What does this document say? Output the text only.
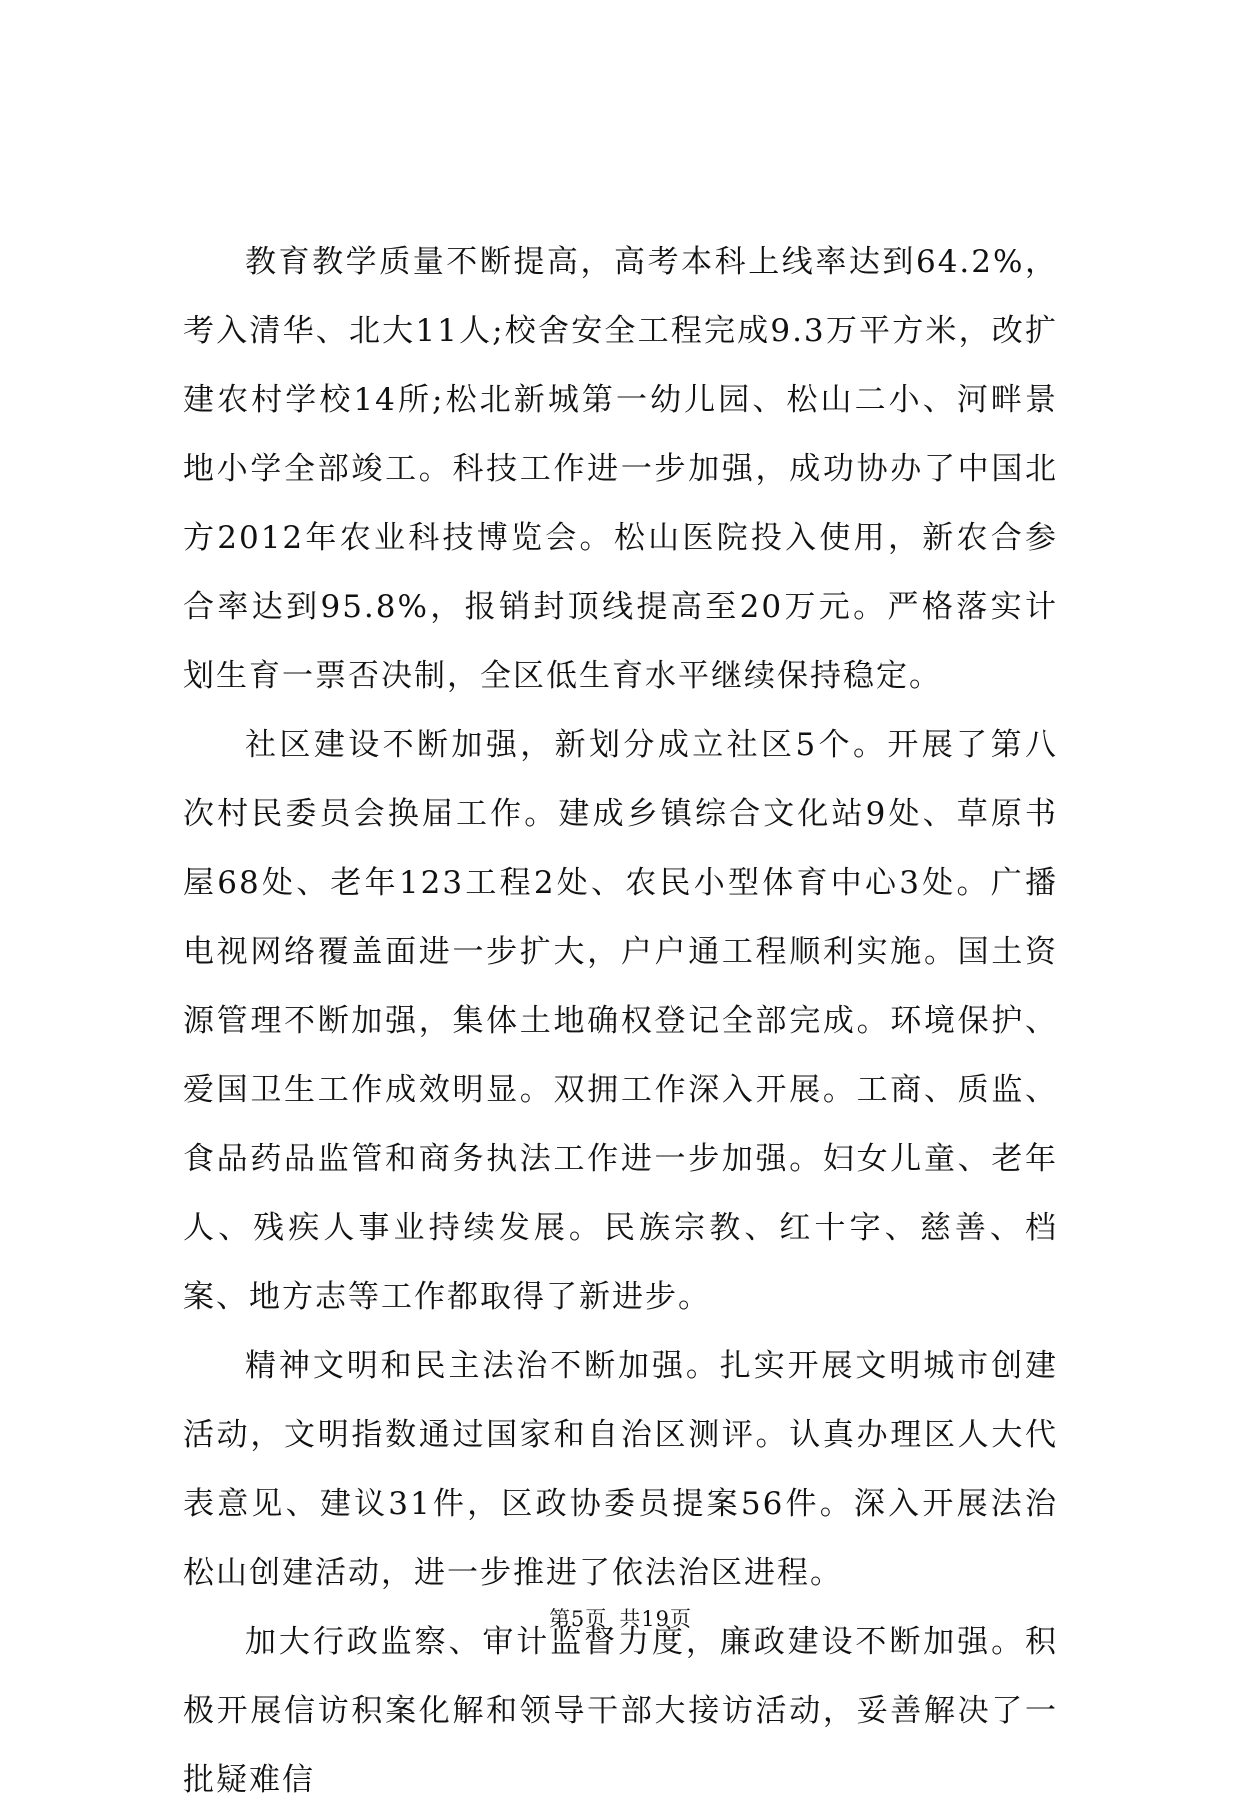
教育教学质量不断提高，高考本科上线率达到64.2%，考入清华、北大11人;校舍安全工程完成9.3万平方米，改扩建农村学校14所;松北新城第一幼儿园、松山二小、河畔景地小学全部竣工。科技工作进一步加强，成功协办了中国北方2012年农业科技博览会。松山医院投入使用，新农合参合率达到95.8%，报销封顶线提高至20万元。严格落实计划生育一票否决制，全区低生育水平继续保持稳定。

社区建设不断加强，新划分成立社区5个。开展了第八次村民委员会换届工作。建成乡镇综合文化站9处、草原书屋68处、老年123工程2处、农民小型体育中心3处。广播电视网络覆盖面进一步扩大，户户通工程顺利实施。国土资源管理不断加强，集体土地确权登记全部完成。环境保护、爱国卫生工作成效明显。双拥工作深入开展。工商、质监、食品药品监管和商务执法工作进一步加强。妇女儿童、老年人、残疾人事业持续发展。民族宗教、红十字、慈善、档案、地方志等工作都取得了新进步。

精神文明和民主法治不断加强。扎实开展文明城市创建活动，文明指数通过国家和自治区测评。认真办理区人大代表意见、建议31件，区政协委员提案56件。深入开展法治松山创建活动，进一步推进了依法治区进程。

加大行政监察、审计监督力度，廉政建设不断加强。积极开展信访积案化解和领导干部大接访活动，妥善解决了一批疑难信

第5页 共19页
